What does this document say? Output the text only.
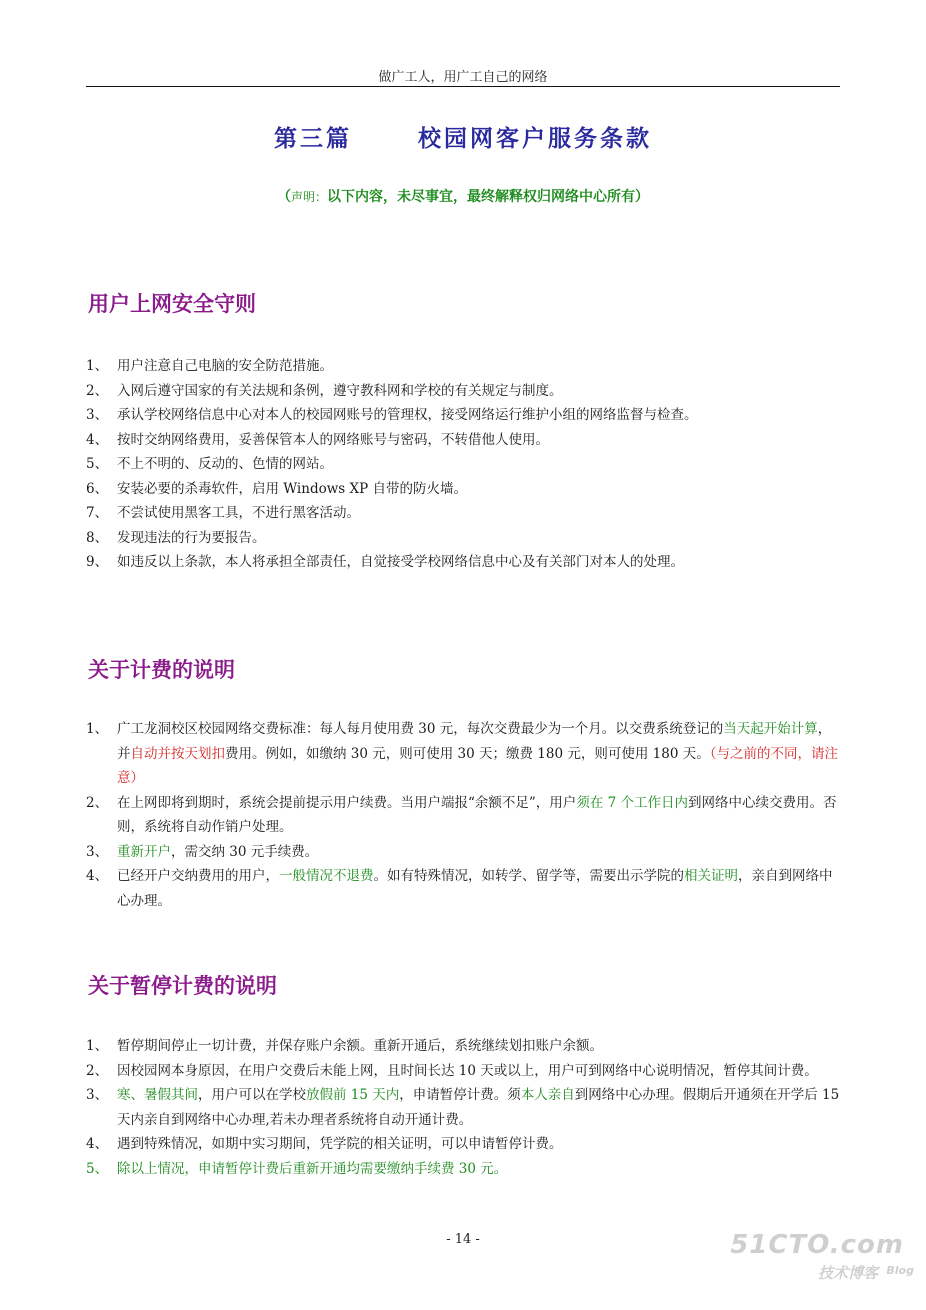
做广工人，用广工自己的网络
第三篇	校园网客户服务条款
（声明：以下内容，未尽事宜，最终解释权归网络中心所有）
用户上网安全守则
1、 用户注意自己电脑的安全防范措施。
2、 入网后遵守国家的有关法规和条例，遵守教科网和学校的有关规定与制度。
3、 承认学校网络信息中心对本人的校园网账号的管理权，接受网络运行维护小组的网络监督与检查。
4、 按时交纳网络费用，妥善保管本人的网络账号与密码，不转借他人使用。
5、 不上不明的、反动的、色情的网站。
6、 安装必要的杀毒软件，启用 Windows XP 自带的防火墙。
7、 不尝试使用黑客工具，不进行黑客活动。
8、 发现违法的行为要报告。
9、 如违反以上条款，本人将承担全部责任，自觉接受学校网络信息中心及有关部门对本人的处理。
关于计费的说明
1、 广工龙洞校区校园网络交费标准：每人每月使用费 30 元，每次交费最少为一个月。以交费系统登记的当天起开始计算，并自动并按天划扣费用。例如，如缴纳 30 元，则可使用 30 天；缴费 180 元，则可使用 180 天。（与之前的不同，请注意）
2、 在上网即将到期时，系统会提前提示用户续费。当用户端报“余额不足”，用户须在 7 个工作日内到网络中心续交费用。否则，系统将自动作销户处理。
3、 重新开户，需交纳 30 元手续费。
4、 已经开户交纳费用的用户，一般情况不退费。如有特殊情况，如转学、留学等，需要出示学院的相关证明，亲自到网络中心办理。
关于暂停计费的说明
1、 暂停期间停止一切计费，并保存账户余额。重新开通后，系统继续划扣账户余额。
2、 因校园网本身原因，在用户交费后未能上网，且时间长达 10 天或以上，用户可到网络中心说明情况，暂停其间计费。
3、 寒、暑假其间，用户可以在学校放假前 15 天内，申请暂停计费。须本人亲自到网络中心办理。假期后开通须在开学后 15 天内亲自到网络中心办理,若未办理者系统将自动开通计费。
4、 遇到特殊情况，如期中实习期间，凭学院的相关证明，可以申请暂停计费。
5、 除以上情况，申请暂停计费后重新开通均需要缴纳手续费 30 元。
- 14 -	51CTO.com
技术博客 Blog
